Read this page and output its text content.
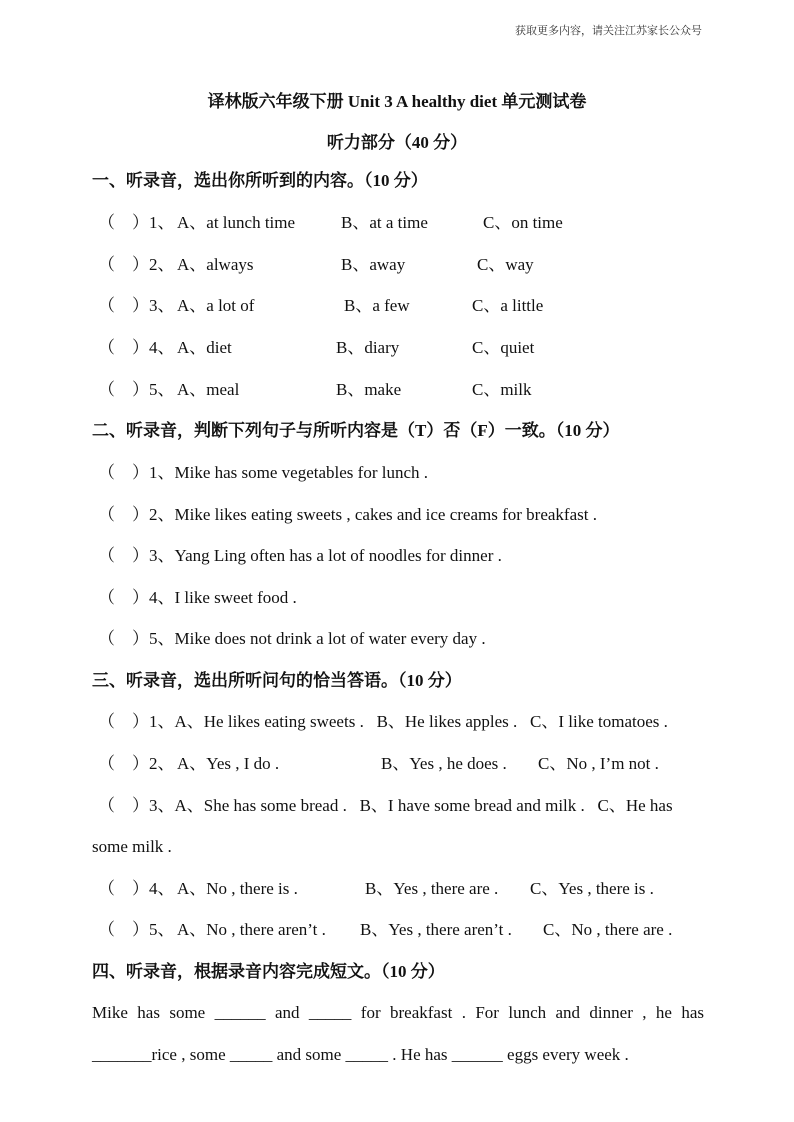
获取更多内容，请关注江苏家长公众号
译林版六年级下册 Unit 3 A healthy diet 单元测试卷
听力部分（40 分）
一、听录音，选出你所听到的内容。（10 分）
（    ）1、 A、at lunch time	B、at a time	C、on time
（    ）2、 A、always	B、away	C、way
（    ）3、 A、a lot of	B、a few	C、a little
（    ）4、 A、diet	B、diary	C、quiet
（    ）5、 A、meal	B、make	C、milk
二、听录音，判断下列句子与所听内容是（T）否（F）一致。（10 分）
（    ）1、Mike has some vegetables for lunch .
（    ）2、Mike likes eating sweets , cakes and ice creams for breakfast .
（    ）3、Yang Ling often has a lot of noodles for dinner .
（    ）4、I like sweet food .
（    ）5、Mike does not drink a lot of water every day .
三、听录音，选出所听问句的恰当答语。（10 分）
（    ）1、A、He likes eating sweets .   B、He likes apples .   C、I like tomatoes .
（    ）2、 A、Yes , I do .	B、Yes , he does . C、No , I’m not .
（    ）3、A、She has some bread .   B、I have some bread and milk .   C、He has
some milk .
（    ）4、 A、No , there is .	B、Yes , there are . C、Yes , there is .
（    ）5、 A、No , there aren’t . B、Yes , there aren’t . C、No , there are .
四、听录音，根据录音内容完成短文。（10 分）
Mike has some ______ and _____ for breakfast . For lunch and dinner , he has _______rice , some _____ and some _____ . He has ______ eggs every week .
